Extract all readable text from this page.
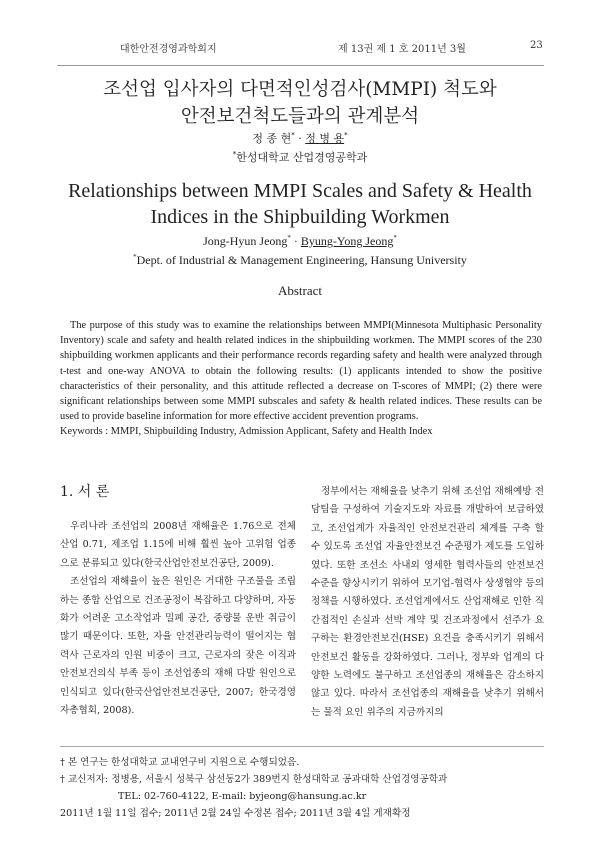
대한안전경영과학회지	제 13권 제 1 호 2011년 3월	23
조선업 입사자의 다면적인성검사(MMPI) 척도와
안전보건척도들과의 관계분석
정 종 현* · 정 병 용*
*한성대학교 산업경영공학과
Relationships between MMPI Scales and Safety & Health
Indices in the Shipbuilding Workmen
Jong-Hyun Jeong* · Byung-Yong Jeong*
*Dept. of Industrial & Management Engineering, Hansung University
Abstract

The purpose of this study was to examine the relationships between MMPI(Minnesota Multiphasic Personality Inventory) scale and safety and health related indices in the shipbuilding workmen. The MMPI scores of the 230 shipbuilding workmen applicants and their performance records regarding safety and health were analyzed through t-test and one-way ANOVA to obtain the following results: (1) applicants intended to show the positive characteristics of their personality, and this attitude reflected a decrease on T-scores of MMPI; (2) there were significant relationships between some MMPI subscales and safety & health related indices. These results can be used to provide baseline information for more effective accident prevention programs.

Keywords : MMPI, Shipbuilding Industry, Admission Applicant, Safety and Health Index
1. 서 론

우리나라 조선업의 2008년 재해율은 1.76으로 전체 산업 0.71, 제조업 1.15에 비해 훨씬 높아 고위험 업종으로 분류되고 있다(한국산업안전보건공단, 2009).

조선업의 재해율이 높은 원인은 거대한 구조물을 조립하는 종합 산업으로 건조공정이 복잡하고 다양하며, 자동화가 어려운 고소작업과 밀폐 공간, 중량물 운반 취급이 많기 때문이다. 또한, 자율 안전관리능력이 떨어지는 협력사 근로자의 인원 비중이 크고, 근로자의 잦은 이직과 안전보건의식 부족 등이 조선업종의 재해 다발 원인으로 인식되고 있다(한국산업안전보건공단, 2007; 한국경영자총협회, 2008).

정부에서는 재해율을 낮추기 위해 조선업 재해예방 전담팀을 구성하여 기술지도와 자료를 개발하여 보급하였고, 조선업계가 자율적인 안전보건관리 체계를 구축 할 수 있도록 조선업 자율안전보건 수준평가 제도를 도입하였다. 또한 조선소 사내외 영세한 협력사들의 안전보건수준을 향상시키기 위하여 모기업-협력사 상생협약 등의 정책을 시행하였다. 조선업계에서도 산업재해로 인한 직간접적인 손실과 선박 계약 및 건조과정에서 선주가 요구하는 환경안전보건(HSE) 요건을 충족시키기 위해서 안전보건 활동을 강화하였다. 그러나, 정부와 업계의 다양한 노력에도 불구하고 조선업종의 재해율은 감소하지 않고 있다. 따라서 조선업종의 재해율을 낮추기 위해서는 물적 요인 위주의 지금까지의

† 본 연구는 한성대학교 교내연구비 지원으로 수행되었음.
† 교신저자: 정병용, 서울시 성북구 삼선동2가 389번지 한성대학교 공과대학 산업경영공학과
TEL: 02-760-4122, E-mail: byjeong@hansung.ac.kr
2011년 1월 11일 접수; 2011년 2월 24일 수정본 접수; 2011년 3월 4일 게재확정
